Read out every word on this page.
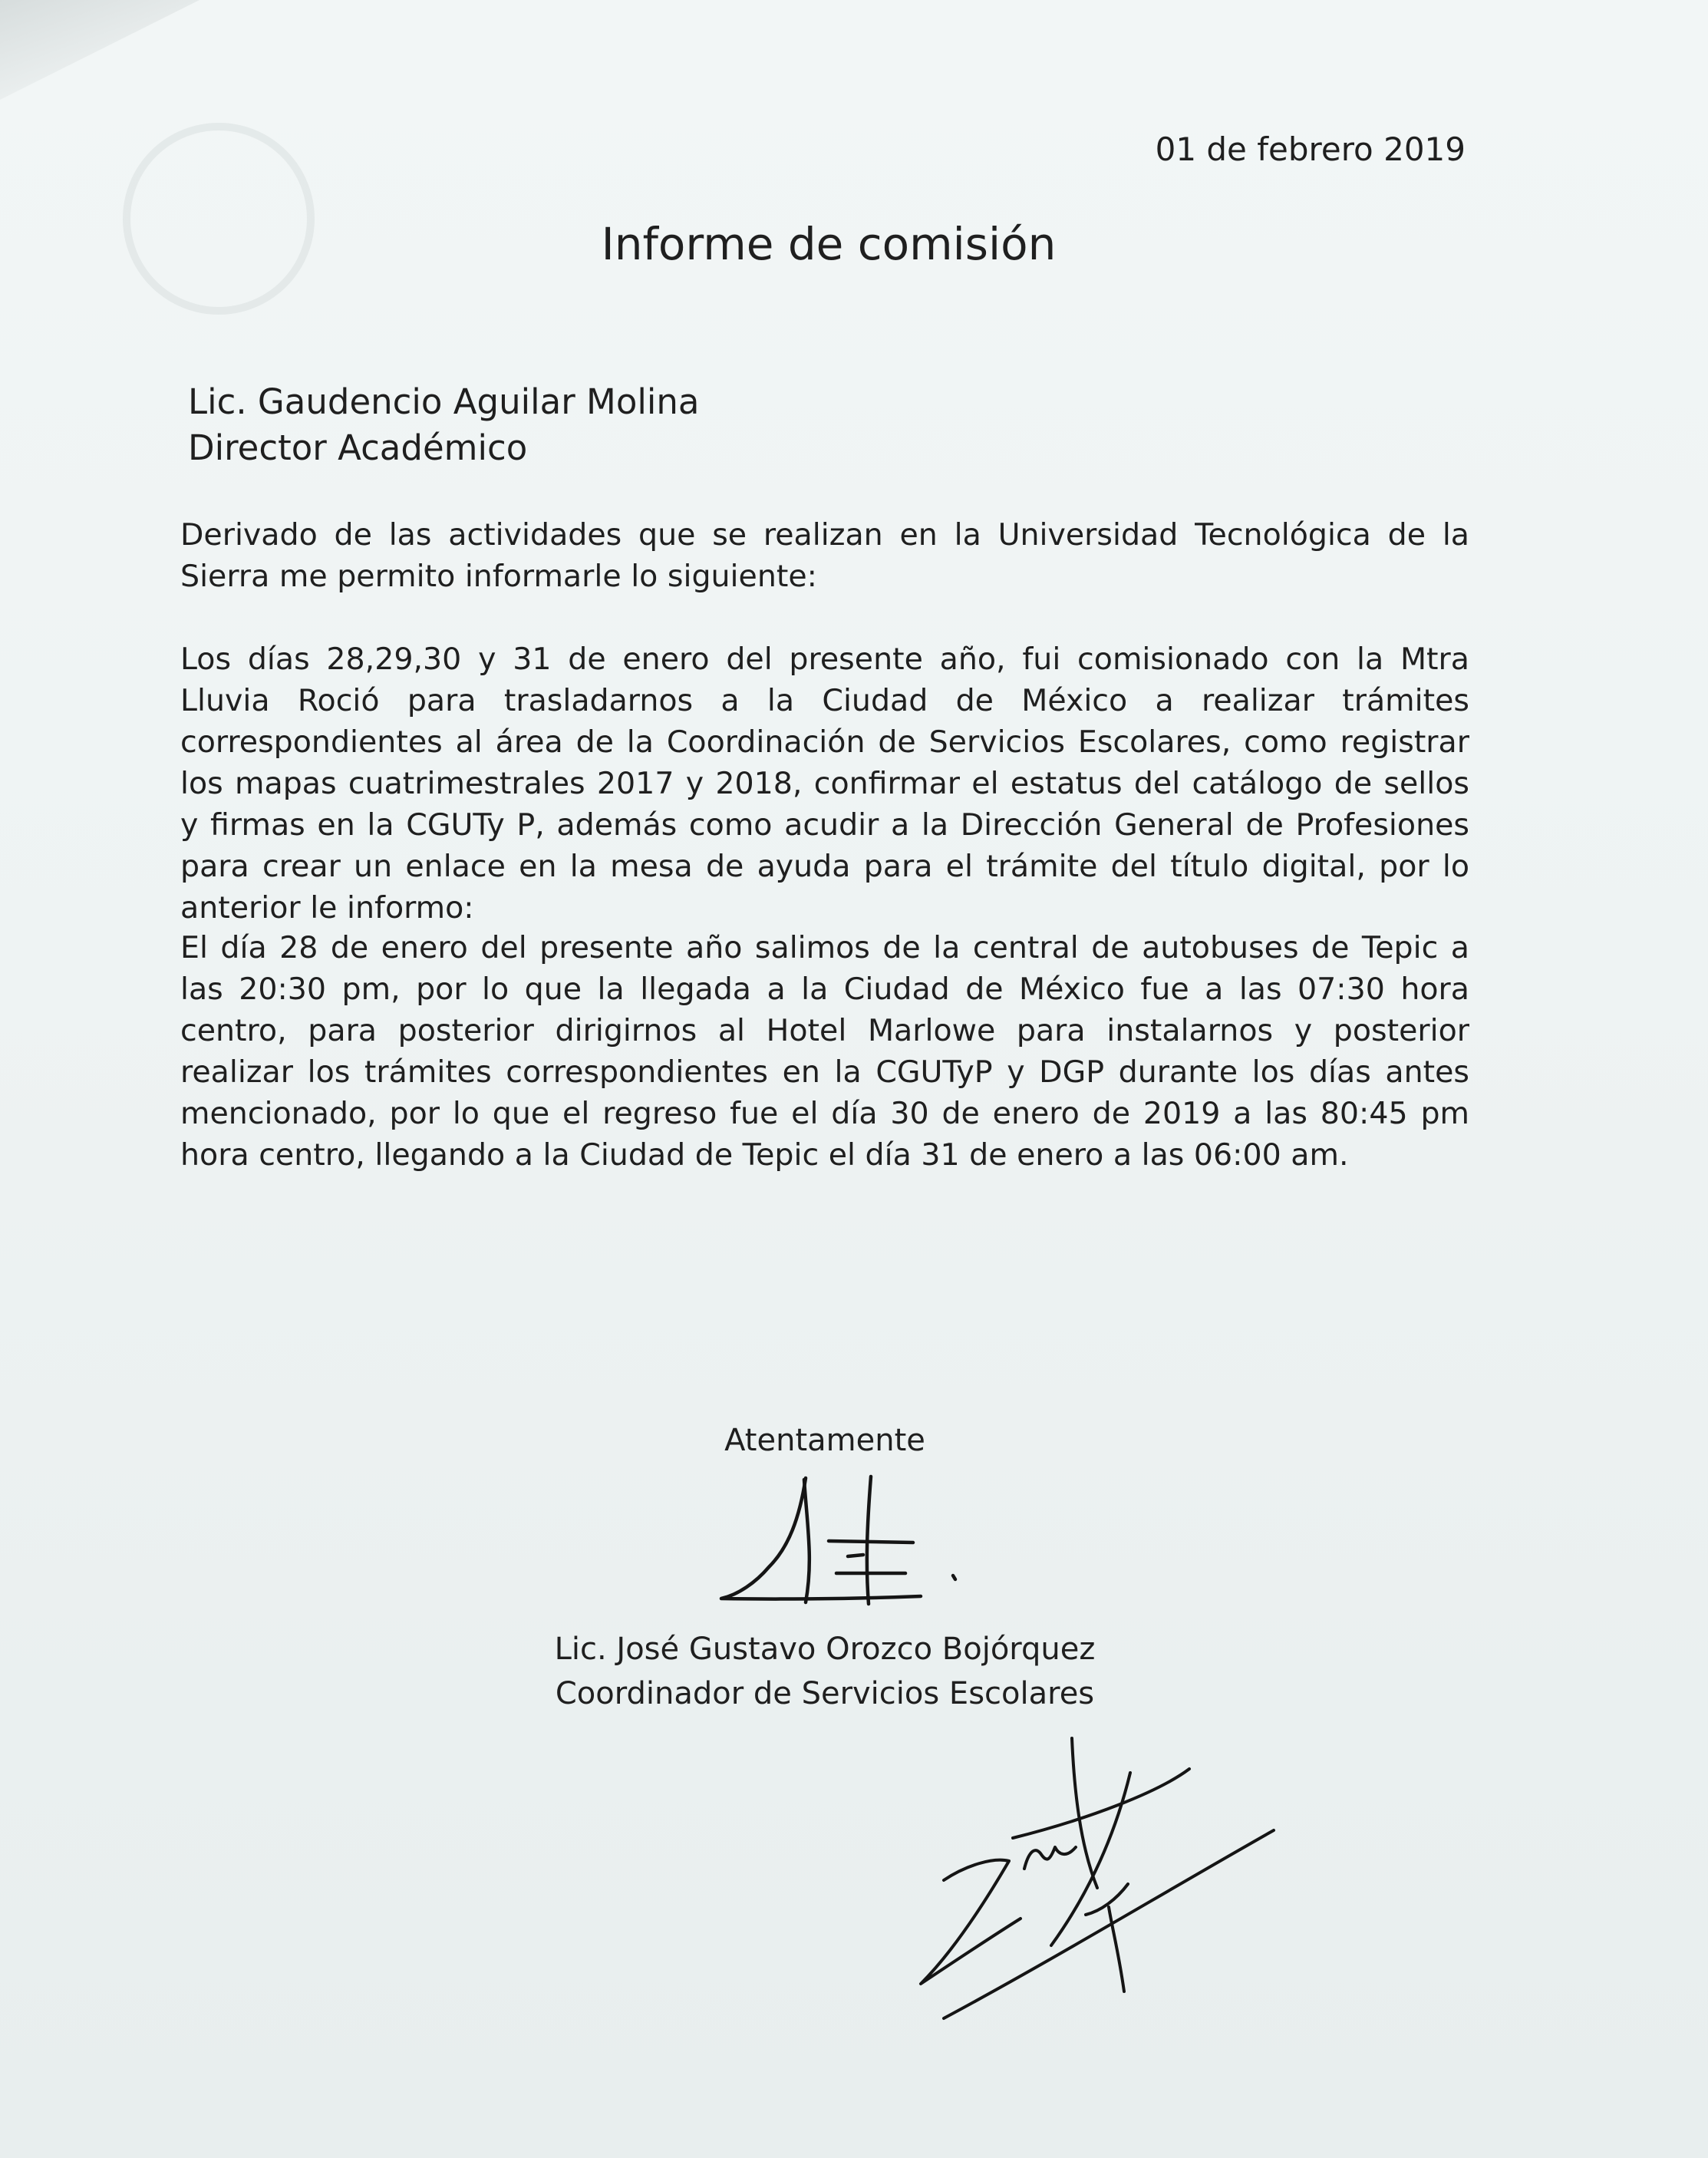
01 de febrero 2019
Informe de comisión
Lic. Gaudencio Aguilar Molina
Director Académico
Derivado de las actividades que se realizan en la Universidad Tecnológica de la Sierra me permito informarle lo siguiente:
Los días 28,29,30 y 31 de enero del presente año, fui comisionado con la Mtra Lluvia Roció para trasladarnos a la Ciudad de México a realizar trámites correspondientes al área de la Coordinación de Servicios Escolares, como registrar los mapas cuatrimestrales 2017 y 2018, confirmar el estatus del catálogo de sellos y firmas en la CGUTy P, además como acudir a la Dirección General de Profesiones para crear un enlace en la mesa de ayuda para el trámite del título digital, por lo anterior le informo:
El día 28 de enero del presente año salimos de la central de autobuses de Tepic a las 20:30 pm, por lo que la llegada a la Ciudad de México fue a las 07:30 hora centro, para posterior dirigirnos al Hotel Marlowe para instalarnos y posterior realizar los trámites correspondientes en la CGUTyP y DGP durante los días antes mencionado, por lo que el regreso fue el día 30 de enero de 2019 a las 80:45 pm hora centro, llegando a la Ciudad de Tepic el día 31 de enero a las 06:00 am.
Atentamente
Lic. José Gustavo Orozco Bojórquez
Coordinador de Servicios Escolares
